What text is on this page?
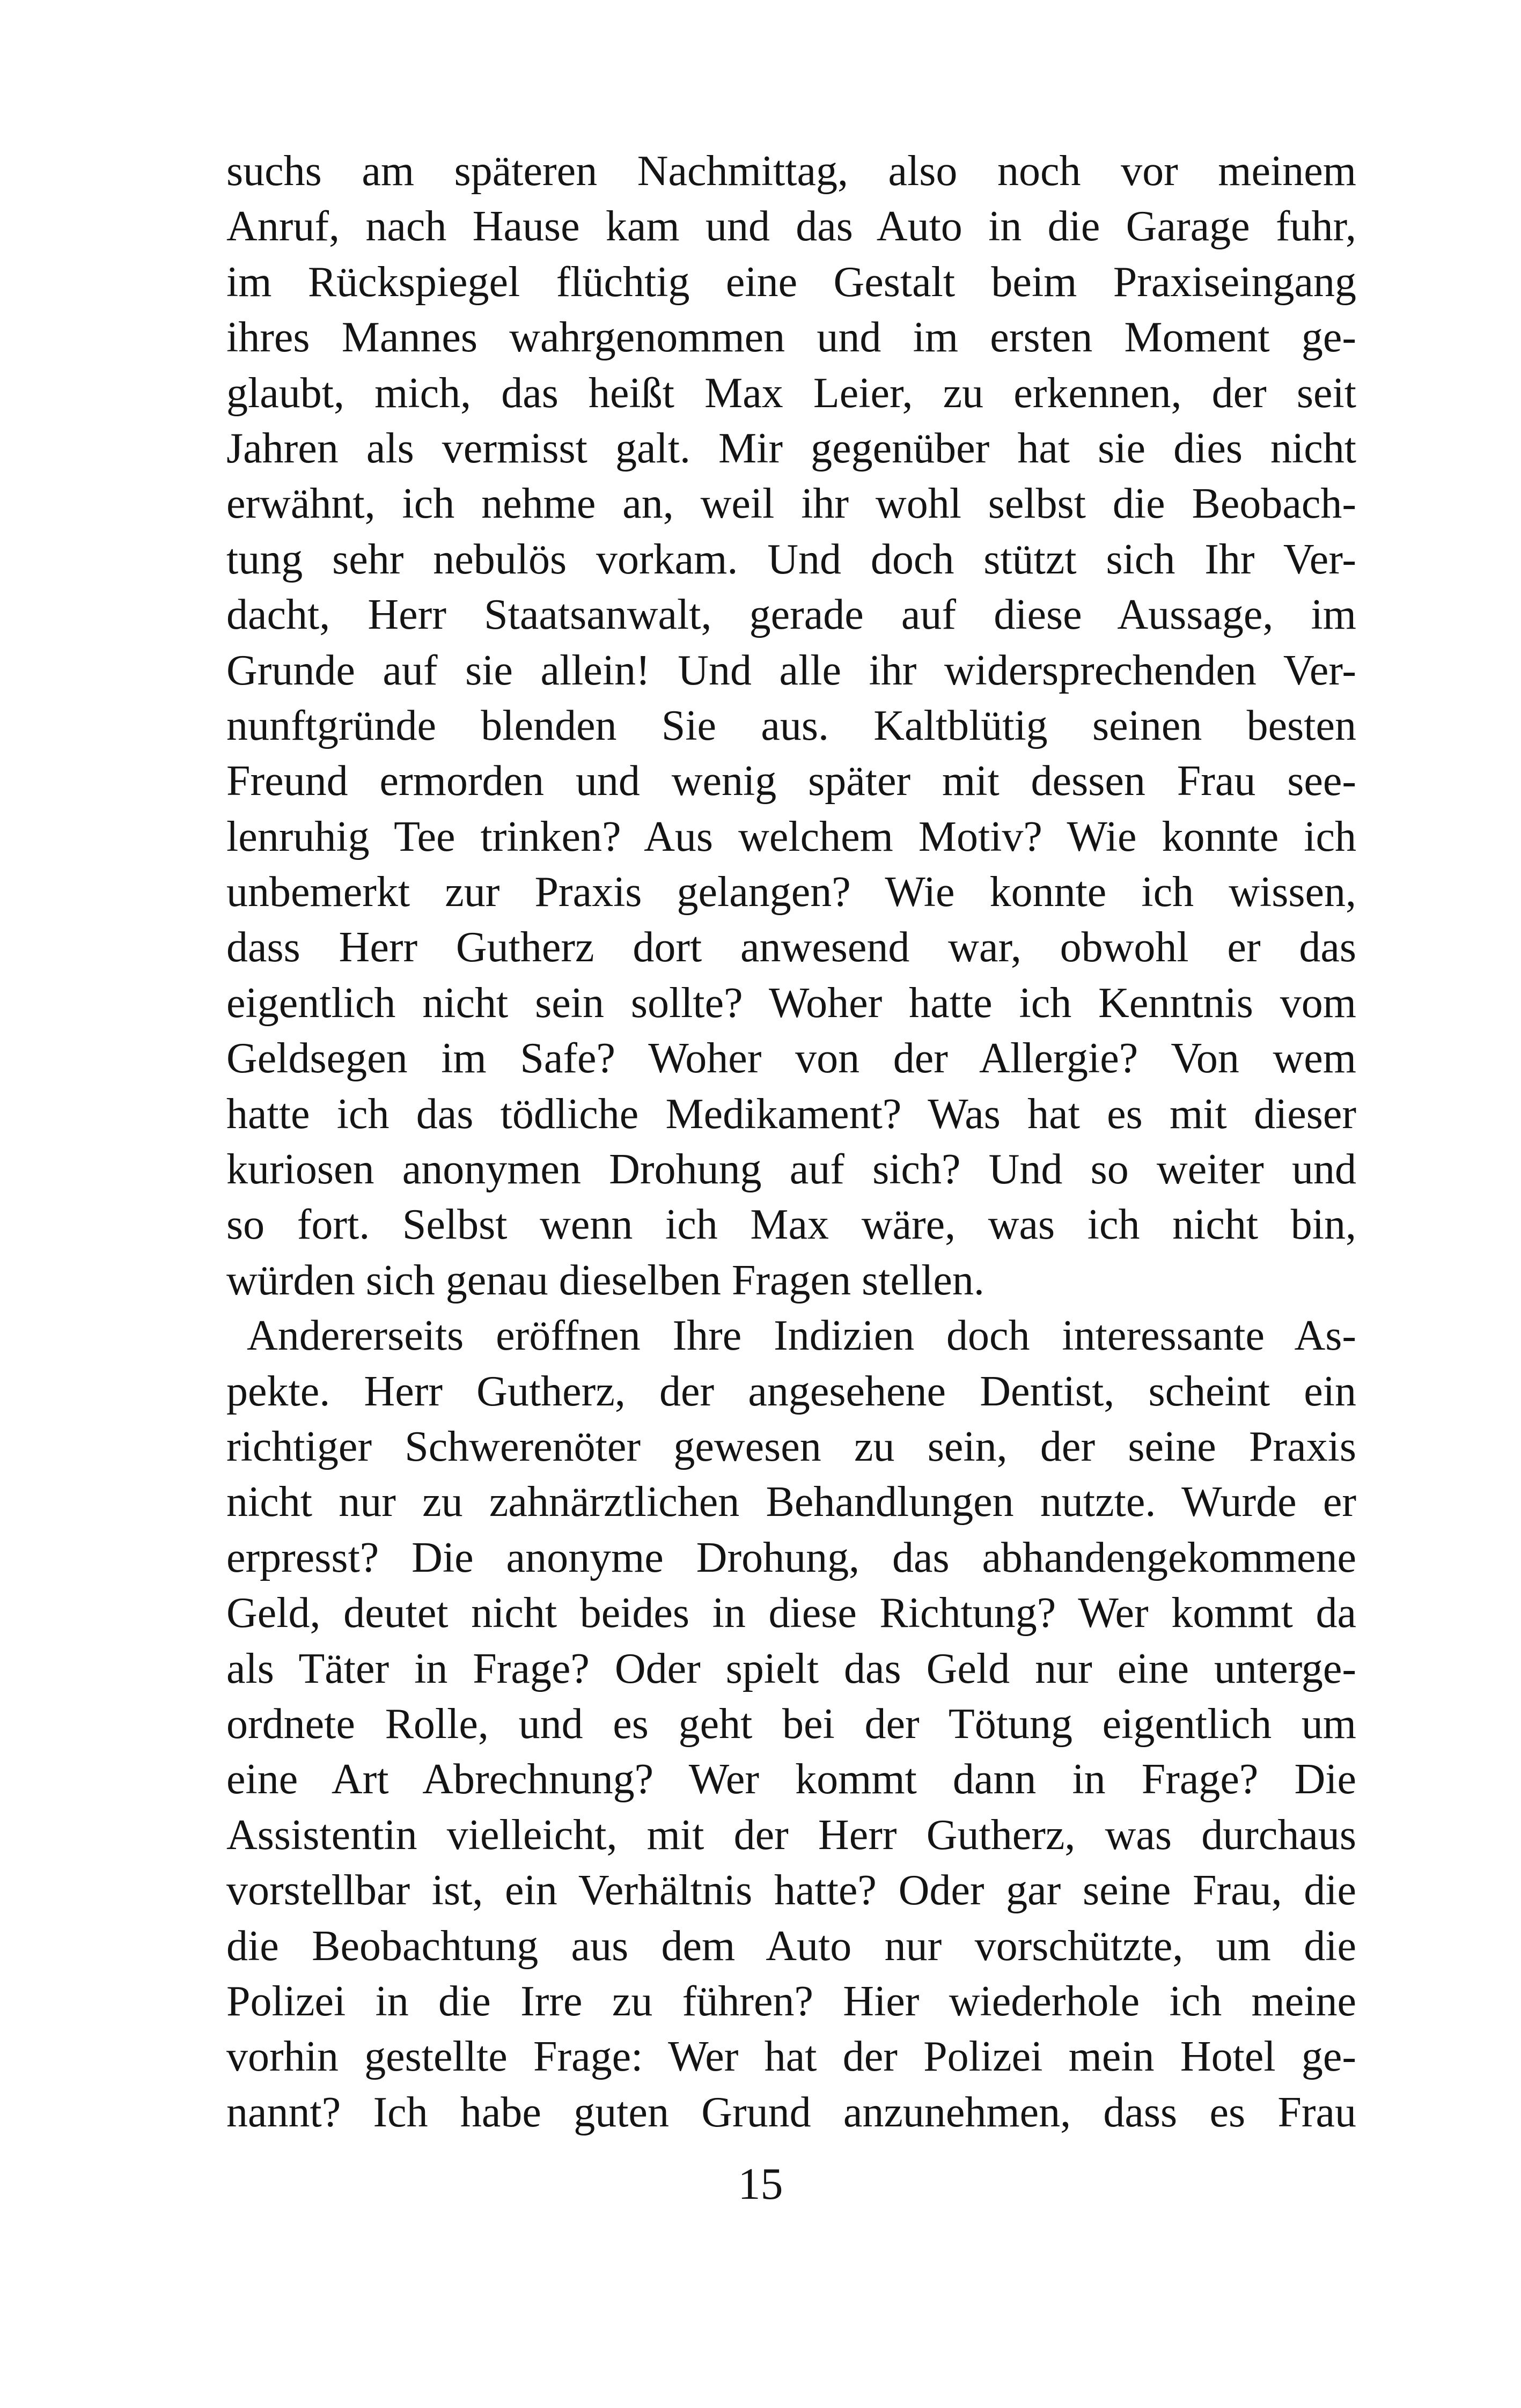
suchs am späteren Nachmittag, also noch vor meinem
Anruf, nach Hause kam und das Auto in die Garage fuhr,
im Rückspiegel flüchtig eine Gestalt beim Praxiseingang
ihres Mannes wahrgenommen und im ersten Moment ge-
glaubt, mich, das heißt Max Leier, zu erkennen, der seit
Jahren als vermisst galt. Mir gegenüber hat sie dies nicht
erwähnt, ich nehme an, weil ihr wohl selbst die Beobach-
tung sehr nebulös vorkam. Und doch stützt sich Ihr Ver-
dacht, Herr Staatsanwalt, gerade auf diese Aussage, im
Grunde auf sie allein! Und alle ihr widersprechenden Ver-
nunftgründe blenden Sie aus. Kaltblütig seinen besten
Freund ermorden und wenig später mit dessen Frau see-
lenruhig Tee trinken? Aus welchem Motiv? Wie konnte ich
unbemerkt zur Praxis gelangen? Wie konnte ich wissen,
dass Herr Gutherz dort anwesend war, obwohl er das
eigentlich nicht sein sollte? Woher hatte ich Kenntnis vom
Geldsegen im Safe? Woher von der Allergie? Von wem
hatte ich das tödliche Medikament? Was hat es mit dieser
kuriosen anonymen Drohung auf sich? Und so weiter und
so fort. Selbst wenn ich Max wäre, was ich nicht bin,
würden sich genau dieselben Fragen stellen.
Andererseits eröffnen Ihre Indizien doch interessante As-
pekte. Herr Gutherz, der angesehene Dentist, scheint ein
richtiger Schwerenöter gewesen zu sein, der seine Praxis
nicht nur zu zahnärztlichen Behandlungen nutzte. Wurde er
erpresst? Die anonyme Drohung, das abhandengekommene
Geld, deutet nicht beides in diese Richtung? Wer kommt da
als Täter in Frage? Oder spielt das Geld nur eine unterge-
ordnete Rolle, und es geht bei der Tötung eigentlich um
eine Art Abrechnung? Wer kommt dann in Frage? Die
Assistentin vielleicht, mit der Herr Gutherz, was durchaus
vorstellbar ist, ein Verhältnis hatte? Oder gar seine Frau, die
die Beobachtung aus dem Auto nur vorschützte, um die
Polizei in die Irre zu führen? Hier wiederhole ich meine
vorhin gestellte Frage: Wer hat der Polizei mein Hotel ge-
nannt? Ich habe guten Grund anzunehmen, dass es Frau
15
